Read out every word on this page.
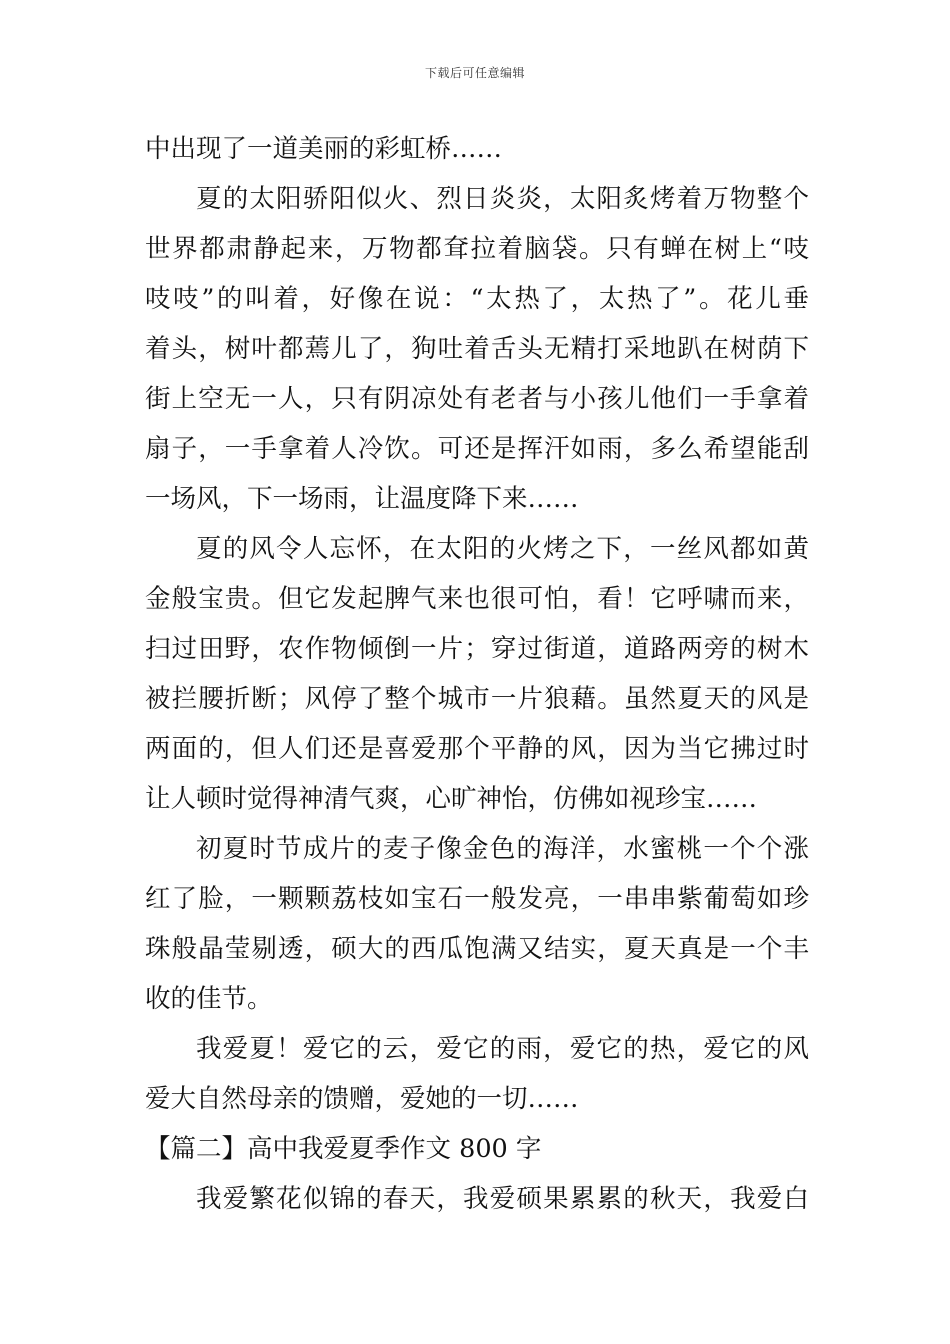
下载后可任意编辑
中出现了一道美丽的彩虹桥……
夏的太阳骄阳似火、烈日炎炎，太阳炙烤着万物整个
世界都肃静起来，万物都耷拉着脑袋。只有蝉在树上“吱
吱吱”的叫着，好像在说：“太热了，太热了”。花儿垂
着头，树叶都蔫儿了，狗吐着舌头无精打采地趴在树荫下
街上空无一人，只有阴凉处有老者与小孩儿他们一手拿着
扇子，一手拿着人冷饮。可还是挥汗如雨，多么希望能刮
一场风，下一场雨，让温度降下来……
夏的风令人忘怀，在太阳的火烤之下，一丝风都如黄
金般宝贵。但它发起脾气来也很可怕，看！它呼啸而来，
扫过田野，农作物倾倒一片；穿过街道，道路两旁的树木
被拦腰折断；风停了整个城市一片狼藉。虽然夏天的风是
两面的，但人们还是喜爱那个平静的风，因为当它拂过时
让人顿时觉得神清气爽，心旷神怡，仿佛如视珍宝……
初夏时节成片的麦子像金色的海洋，水蜜桃一个个涨
红了脸，一颗颗荔枝如宝石一般发亮，一串串紫葡萄如珍
珠般晶莹剔透，硕大的西瓜饱满又结实，夏天真是一个丰
收的佳节。
我爱夏！爱它的云，爱它的雨，爱它的热，爱它的风
爱大自然母亲的馈赠，爱她的一切……
【篇二】高中我爱夏季作文 800 字
我爱繁花似锦的春天，我爱硕果累累的秋天，我爱白
